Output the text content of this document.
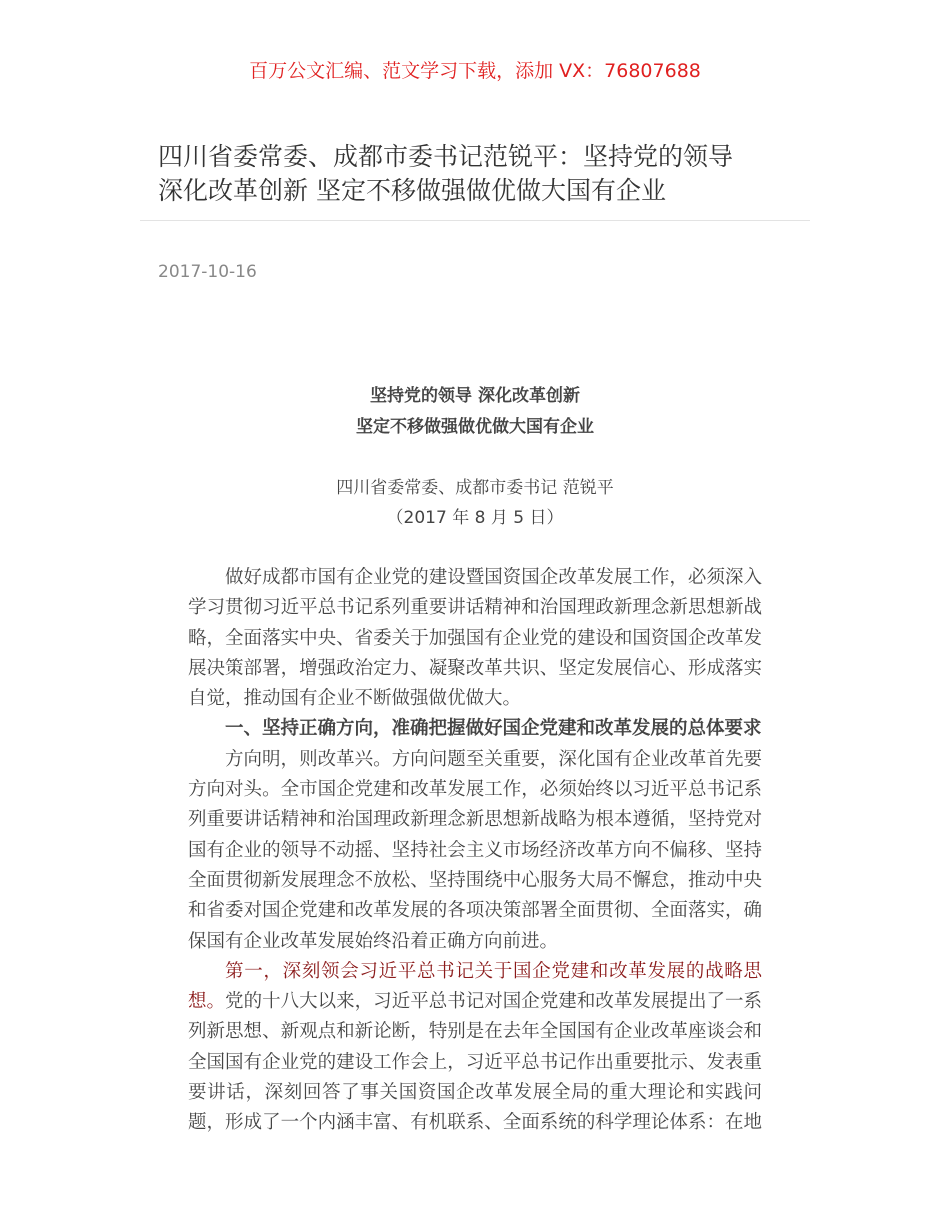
百万公文汇编、范文学习下载，添加 VX：76807688
四川省委常委、成都市委书记范锐平：坚持党的领导
深化改革创新 坚定不移做强做优做大国有企业
2017-10-16
坚持党的领导 深化改革创新
坚定不移做强做优做大国有企业
四川省委常委、成都市委书记 范锐平
（2017 年 8 月 5 日）
做好成都市国有企业党的建设暨国资国企改革发展工作，必须深入
学习贯彻习近平总书记系列重要讲话精神和治国理政新理念新思想新战
略，全面落实中央、省委关于加强国有企业党的建设和国资国企改革发
展决策部署，增强政治定力、凝聚改革共识、坚定发展信心、形成落实
自觉，推动国有企业不断做强做优做大。
一、坚持正确方向，准确把握做好国企党建和改革发展的总体要求
方向明，则改革兴。方向问题至关重要，深化国有企业改革首先要
方向对头。全市国企党建和改革发展工作，必须始终以习近平总书记系
列重要讲话精神和治国理政新理念新思想新战略为根本遵循，坚持党对
国有企业的领导不动摇、坚持社会主义市场经济改革方向不偏移、坚持
全面贯彻新发展理念不放松、坚持围绕中心服务大局不懈怠，推动中央
和省委对国企党建和改革发展的各项决策部署全面贯彻、全面落实，确
保国有企业改革发展始终沿着正确方向前进。
第一，深刻领会习近平总书记关于国企党建和改革发展的战略思
想。党的十八大以来，习近平总书记对国企党建和改革发展提出了一系
列新思想、新观点和新论断，特别是在去年全国国有企业改革座谈会和
全国国有企业党的建设工作会上，习近平总书记作出重要批示、发表重
要讲话，深刻回答了事关国资国企改革发展全局的重大理论和实践问
题，形成了一个内涵丰富、有机联系、全面系统的科学理论体系：在地
